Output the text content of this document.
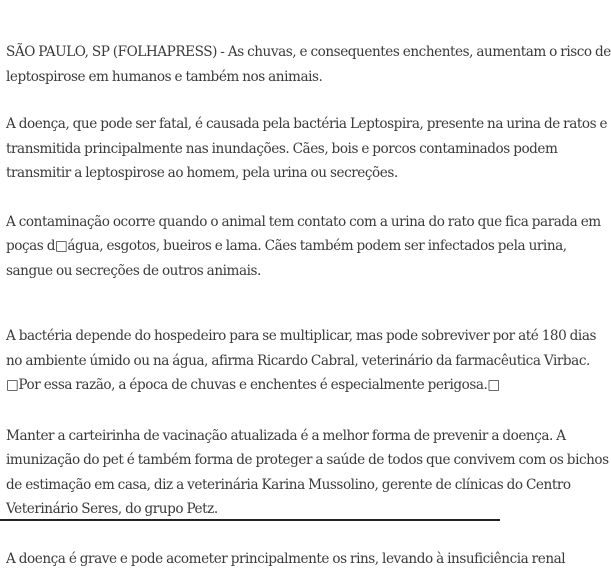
SÃO PAULO, SP (FOLHAPRESS) - As chuvas, e consequentes enchentes, aumentam o risco de

leptospirose em humanos e também nos animais.

A doença, que pode ser fatal, é causada pela bactéria Leptospira, presente na urina de ratos e

transmitida principalmente nas inundações. Cães, bois e porcos contaminados podem

transmitir a leptospirose ao homem, pela urina ou secreções.

A contaminação ocorre quando o animal tem contato com a urina do rato que fica parada em

poças d□água, esgotos, bueiros e lama. Cães também podem ser infectados pela urina,

sangue ou secreções de outros animais.

A bactéria depende do hospedeiro para se multiplicar, mas pode sobreviver por até 180 dias

no ambiente úmido ou na água, afirma Ricardo Cabral, veterinário da farmacêutica Virbac.

□Por essa razão, a época de chuvas e enchentes é especialmente perigosa.□

Manter a carteirinha de vacinação atualizada é a melhor forma de prevenir a doença. A

imunização do pet é também forma de proteger a saúde de todos que convivem com os bichos

de estimação em casa, diz a veterinária Karina Mussolino, gerente de clínicas do Centro

Veterinário Seres, do grupo Petz.

A doença é grave e pode acometer principalmente os rins, levando à insuficiência renal
